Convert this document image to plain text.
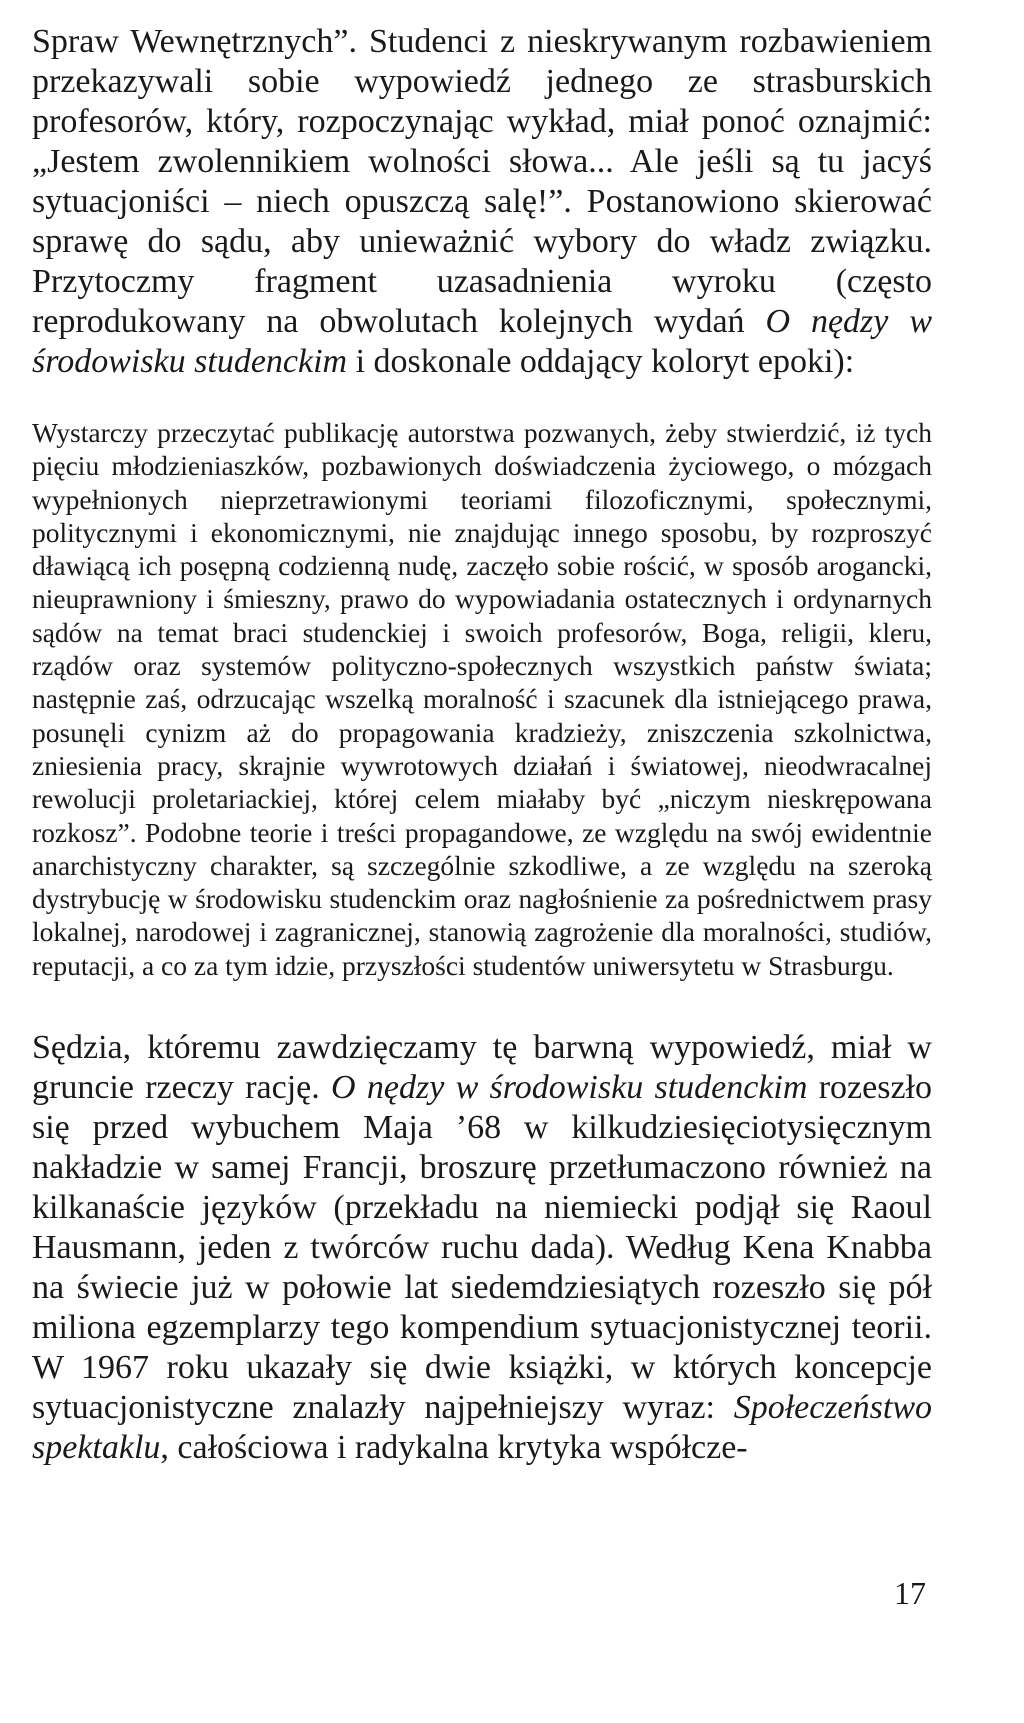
Spraw Wewnętrznych”. Studenci z nieskrywanym rozbawieniem przekazywali sobie wypowiedź jednego ze strasburskich profesorów, który, rozpoczynając wykład, miał ponoć oznajmić: „Jestem zwolennikiem wolności słowa... Ale jeśli są tu jacyś sytuacjoniści – niech opuszczą salę!”. Postanowiono skierować sprawę do sądu, aby unieważnić wybory do władz związku. Przytoczmy fragment uzasadnienia wyroku (często reprodukowany na obwolutach kolejnych wydań O nędzy w środowisku studenckim i doskonale oddający koloryt epoki):

Wystarczy przeczytać publikację autorstwa pozwanych, żeby stwierdzić, iż tych pięciu młodzieniaszków, pozbawionych doświadczenia życiowego, o mózgach wypełnionych nieprzetrawionymi teoriami filozoficznymi, społecznymi, politycznymi i ekonomicznymi, nie znajdując innego sposobu, by rozproszyć dławiącą ich posępną codzienną nudę, zaczęło sobie rościć, w sposób arogancki, nieuprawniony i śmieszny, prawo do wypowiadania ostatecznych i ordynarnych sądów na temat braci studenckiej i swoich profesorów, Boga, religii, kleru, rządów oraz systemów polityczno-społecznych wszystkich państw świata; następnie zaś, odrzucając wszelką moralność i szacunek dla istniejącego prawa, posunęli cynizm aż do propagowania kradzieży, zniszczenia szkolnictwa, zniesienia pracy, skrajnie wywrotowych działań i światowej, nieodwracalnej rewolucji proletariackiej, której celem miałaby być „niczym nieskrępowana rozkosz”. Podobne teorie i treści propagandowe, ze względu na swój ewidentnie anarchistyczny charakter, są szczególnie szkodliwe, a ze względu na szeroką dystrybucję w środowisku studenckim oraz nagłośnienie za pośrednictwem prasy lokalnej, narodowej i zagranicznej, stanowią zagrożenie dla moralności, studiów, reputacji, a co za tym idzie, przyszłości studentów uniwersytetu w Strasburgu.

Sędzia, któremu zawdzięczamy tę barwną wypowiedź, miał w gruncie rzeczy rację. O nędzy w środowisku studenckim rozeszło się przed wybuchem Maja ’68 w kilkudziesięciotysięcznym nakładzie w samej Francji, broszurę przetłumaczono również na kilkanaście języków (przekładu na niemiecki podjął się Raoul Hausmann, jeden z twórców ruchu dada). Według Kena Knabba na świecie już w połowie lat siedemdziesiątych rozeszło się pół miliona egzemplarzy tego kompendium sytuacjonistycznej teorii. W 1967 roku ukazały się dwie książki, w których koncepcje sytuacjonistyczne znalazły najpełniejszy wyraz: Społeczeństwo spektaklu, całościowa i radykalna krytyka współcze-

17
